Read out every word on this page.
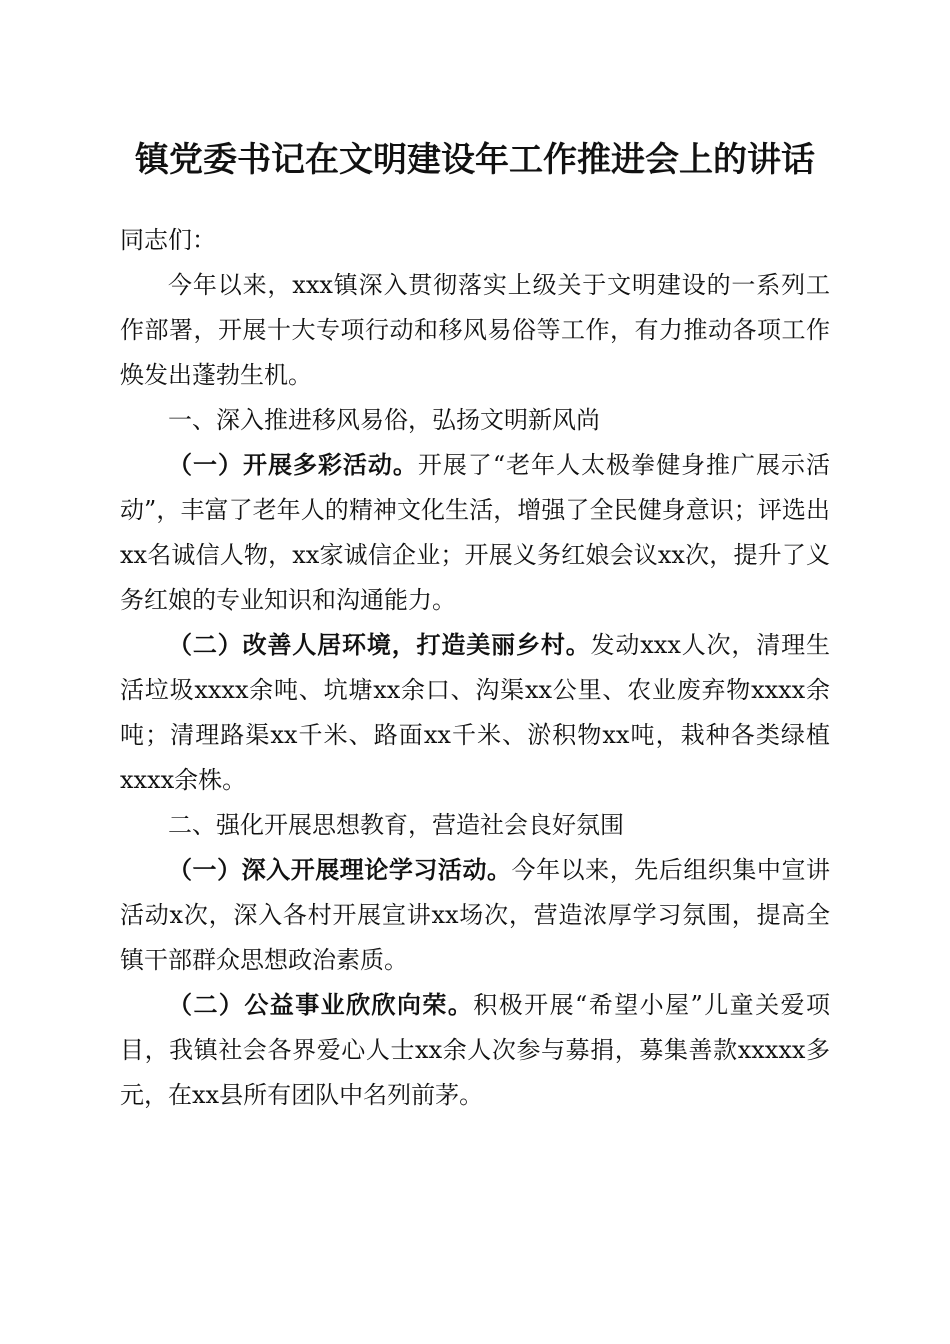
镇党委书记在文明建设年工作推进会上的讲话

同志们：

今年以来，xxx镇深入贯彻落实上级关于文明建设的一系列工作部署，开展十大专项行动和移风易俗等工作，有力推动各项工作焕发出蓬勃生机。

一、深入推进移风易俗，弘扬文明新风尚

（一）开展多彩活动。开展了“老年人太极拳健身推广展示活动”，丰富了老年人的精神文化生活，增强了全民健身意识；评选出xx名诚信人物，xx家诚信企业；开展义务红娘会议xx次，提升了义务红娘的专业知识和沟通能力。

（二）改善人居环境，打造美丽乡村。发动xxx人次，清理生活垃圾xxxx余吨、坑塘xx余口、沟渠xx公里、农业废弃物xxxx余吨；清理路渠xx千米、路面xx千米、淤积物xx吨，栽种各类绿植xxxx余株。

二、强化开展思想教育，营造社会良好氛围

（一）深入开展理论学习活动。今年以来，先后组织集中宣讲活动x次，深入各村开展宣讲xx场次，营造浓厚学习氛围，提高全镇干部群众思想政治素质。

（二）公益事业欣欣向荣。积极开展“希望小屋”儿童关爱项目，我镇社会各界爱心人士xx余人次参与募捐，募集善款xxxxx多元，在xx县所有团队中名列前茅。
